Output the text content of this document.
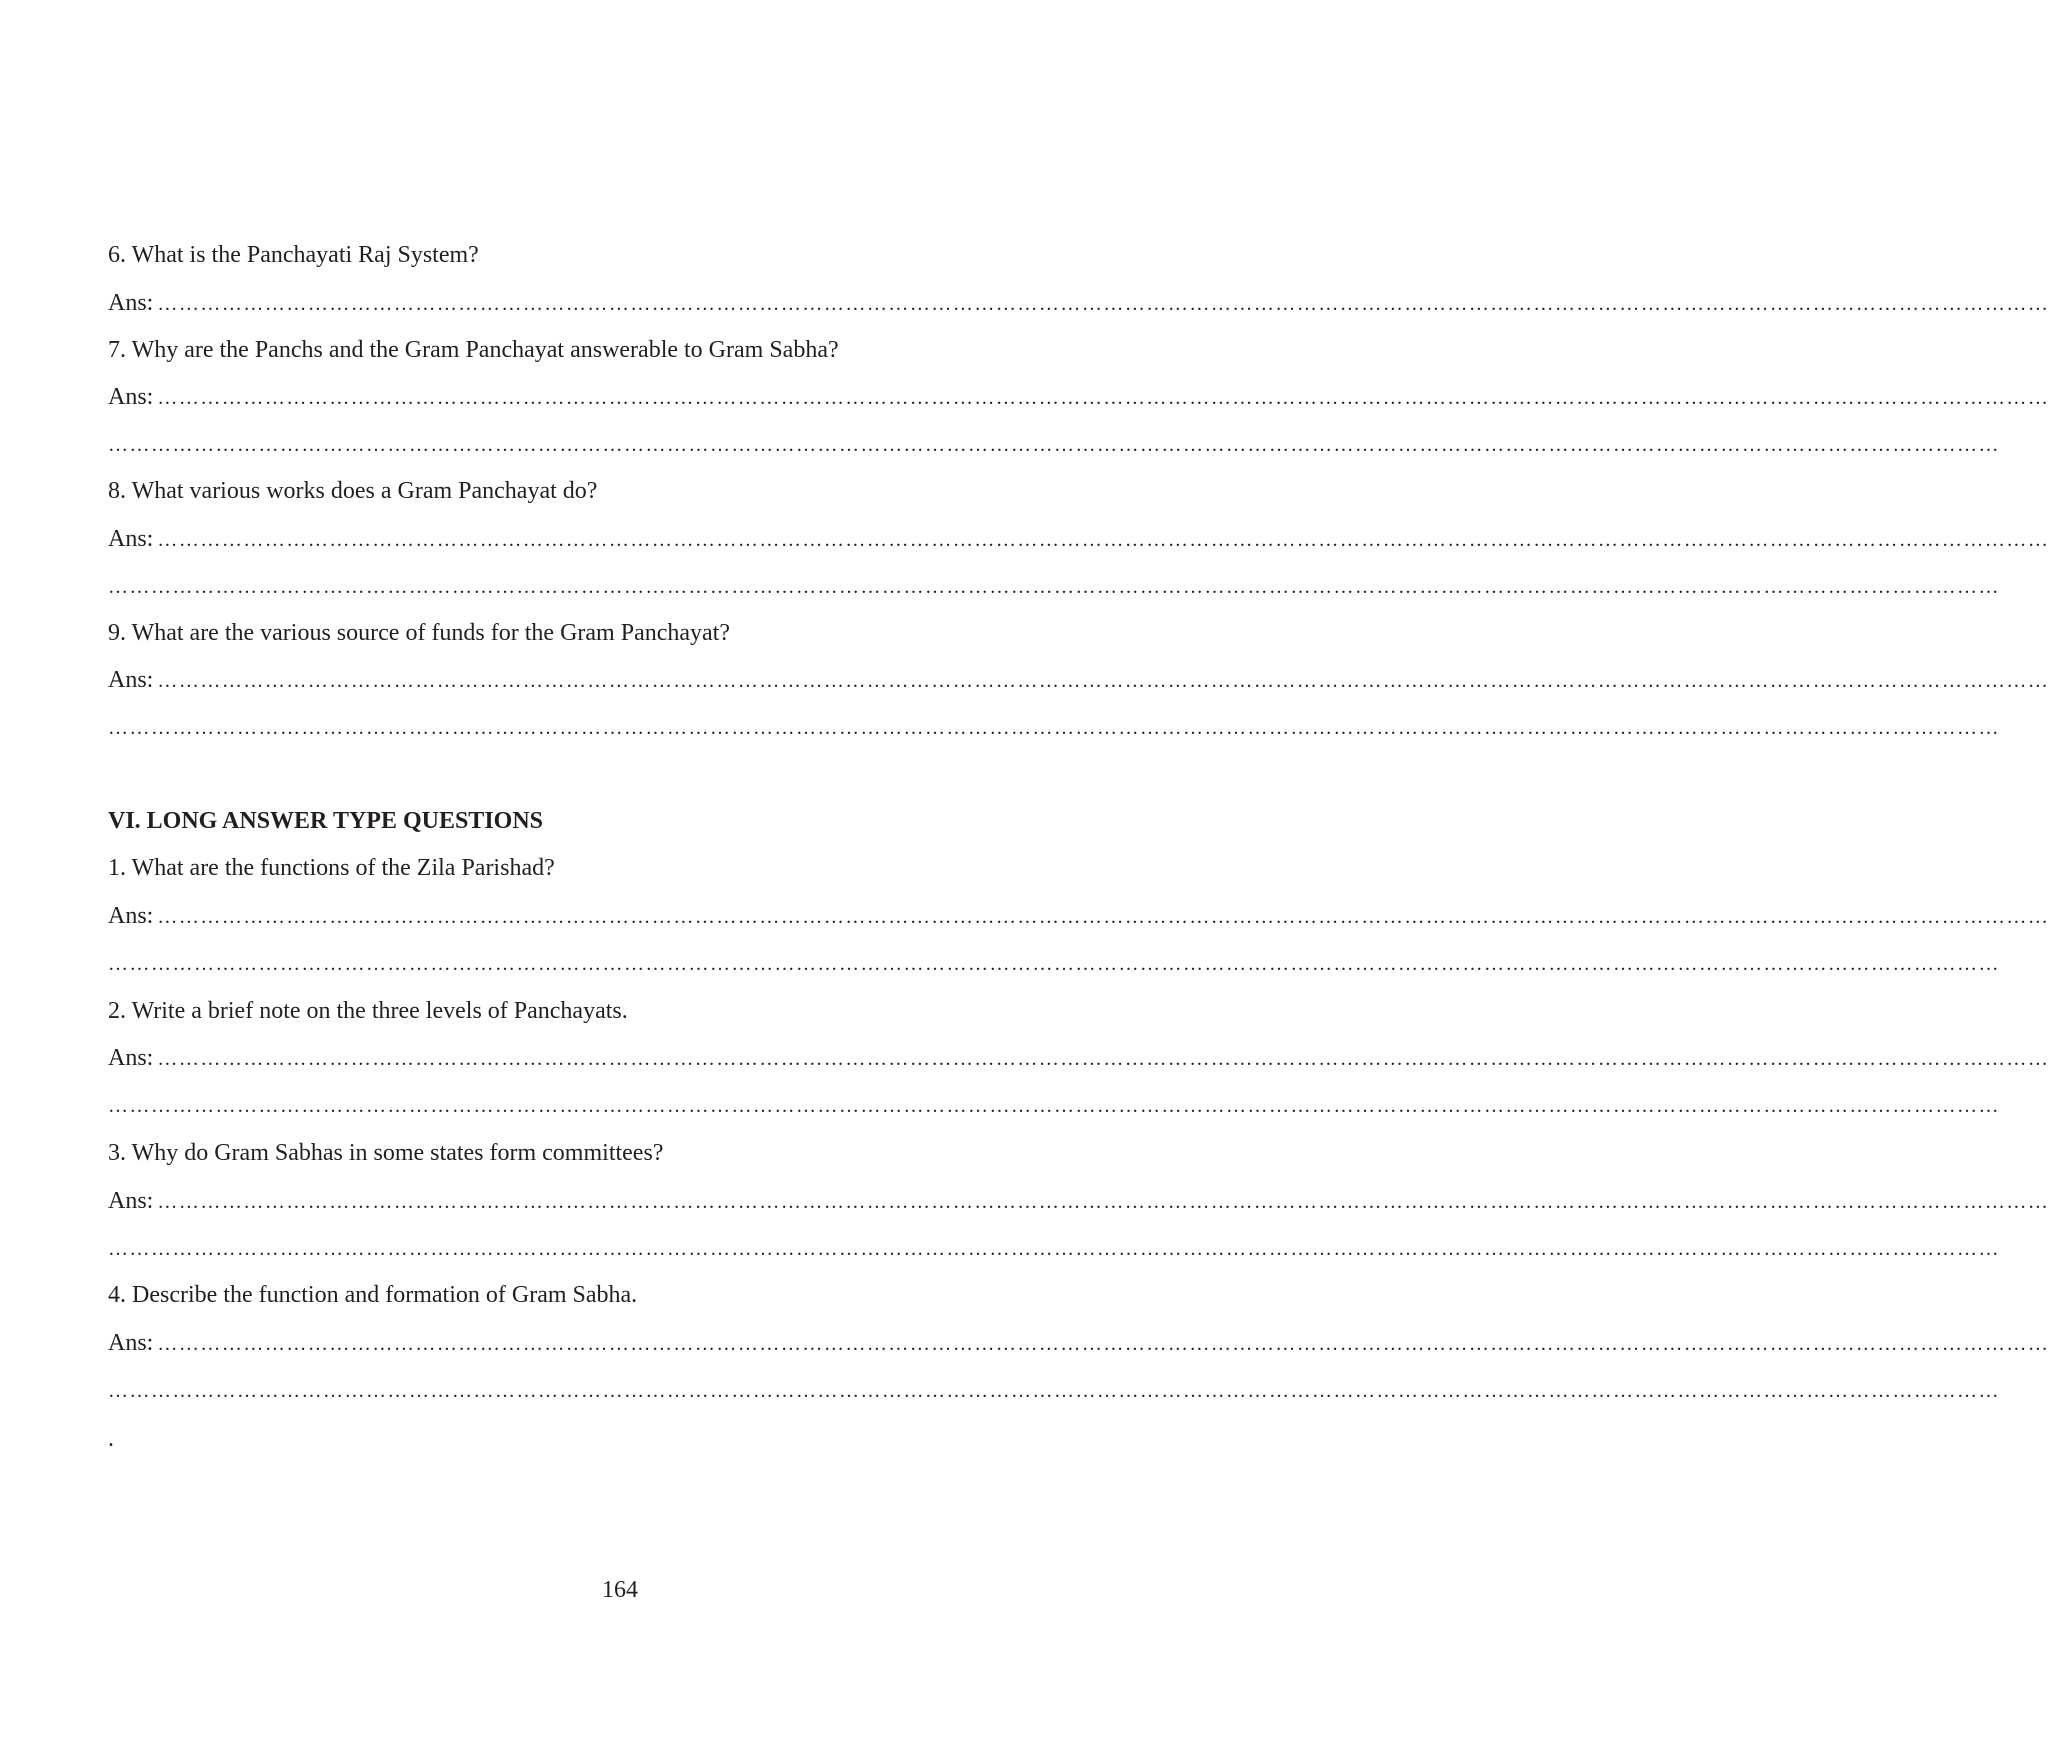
6. What is the Panchayati Raj System?
Ans: …………………………………………………………………………………………………………………………………………………………………………………………………………………………………………
7. Why are the Panchs and the Gram Panchayat answerable to Gram Sabha?
Ans: …………………………………………………………………………………………………………………………………………………………………………………………………………………………………………
…………………………………………………………………………………………………………………………………………………………………………………………………………………………………………
8. What various works does a Gram Panchayat do?
Ans: …………………………………………………………………………………………………………………………………………………………………………………………………………………………………………
…………………………………………………………………………………………………………………………………………………………………………………………………………………………………………
9. What are the various source of funds for the Gram Panchayat?
Ans: …………………………………………………………………………………………………………………………………………………………………………………………………………………………………………
…………………………………………………………………………………………………………………………………………………………………………………………………………………………………………
VI. LONG ANSWER TYPE QUESTIONS
1. What are the functions of the Zila Parishad?
Ans: …………………………………………………………………………………………………………………………………………………………………………………………………………………………………………
…………………………………………………………………………………………………………………………………………………………………………………………………………………………………………
2. Write a brief note on the three levels of Panchayats.
Ans: …………………………………………………………………………………………………………………………………………………………………………………………………………………………………………
…………………………………………………………………………………………………………………………………………………………………………………………………………………………………………
3. Why do Gram Sabhas in some states form committees?
Ans: …………………………………………………………………………………………………………………………………………………………………………………………………………………………………………
…………………………………………………………………………………………………………………………………………………………………………………………………………………………………………
4. Describe the function and formation of Gram Sabha.
Ans: …………………………………………………………………………………………………………………………………………………………………………………………………………………………………………
…………………………………………………………………………………………………………………………………………………………………………………………………………………………………………
.
164
